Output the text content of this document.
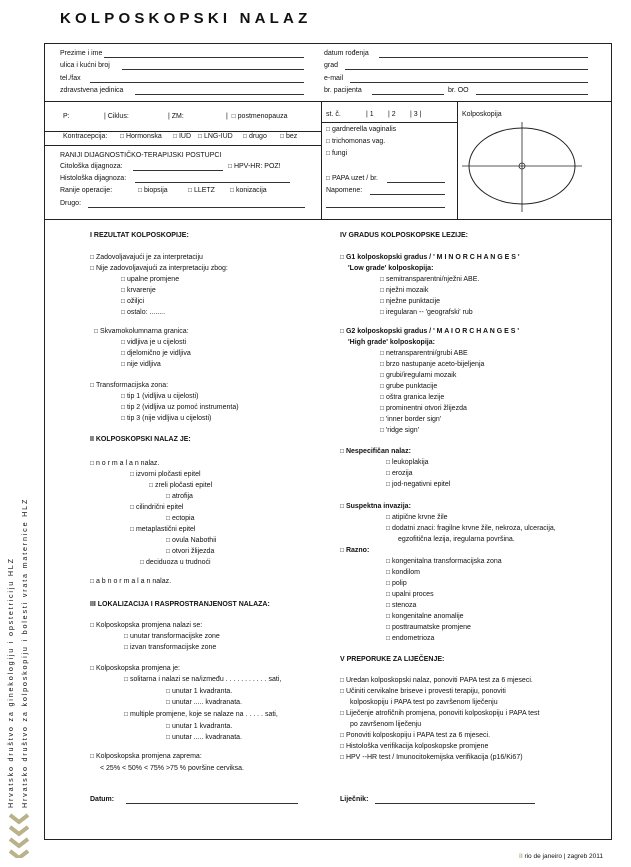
KOLPOSKOPSKI NALAZ
Prezime i ime
ulica i kućni broj
tel./fax
zdravstvena jedinica
datum rođenja
grad
e-mail
br. pacijenta	br. OO
P:	| Ciklus:	| ZM:	|  □ postmenopauza
Kontracepcija:	□ Hormonska	□ IUD	□ LNG-IUD	□ drugo	□ bez
RANIJI DIJAGNOSTIČKO-TERAPIJSKI POSTUPCI
Citološka dijagnoza:	□ HPV-HR: POZ!
Histološka dijagnoza:
Ranije operacije:	□ biopsija	□ LLETZ	□ konizacija
Drugo:
st. č.	| 1 | 2 | 3 |
□ gardnerella vaginalis
□ trichomonas vag.
□ fungi
□ PAPA uzet / br.
Napomene:
Kolposkopija
I REZULTAT KOLPOSKOPIJE:
□ Zadovoljavajući je za interpretaciju
□ Nije zadovoljavajući za interpretaciju zbog:
□ upalne promjene
□ krvarenje
□ ožiljci
□ ostalo: ........
□ Skvamokolumnarna granica:
□ vidljiva je u cijelosti
□ djelomično je vidljiva
□ nije vidljiva
□ Transformacijska zona:
□ tip 1 (vidljiva u cijelosti)
□ tip 2 (vidljiva uz pomoć instrumenta)
□ tip 3 (nije vidljiva u cijelosti)
II KOLPOSKOPSKI NALAZ JE:
□ n o r m a l a n nalaz.
□ izvorni pločasti epitel
□ zreli pločasti epitel
□ atrofija
□ cilindrični epitel
□ ectopia
□ metaplastični epitel
□ ovula Nabothii
□ otvori žlijezda
□ deciduoza u trudnoći
□ a b n o r m a l a n nalaz.
III LOKALIZACIJA I RASPROSTRANJENOST NALAZA:
□ Kolposkopska promjena nalazi se:
□ unutar transformacijske zone
□ izvan transformacijske zone
□ Kolposkopska promjena je:
□ solitarna i nalazi se na/između . . . . . . . . . . . sati,
□ unutar 1 kvadranta.
□ unutar ..... kvadranata.
□ multiple promjene, koje se nalaze na . . . . . sati,
□ unutar 1 kvadranta.
□ unutar ..... kvadranata.
□ Kolposkopska promjena zaprema:
< 25% < 50% < 75% >75 % površine cerviksa.
Datum:
IV GRADUS KOLPOSKOPSKE LEZIJE:
□ G1 kolposkopski gradus / ' M I N O R C H A N G E S '
'Low grade' kolposkopija:
□ semitransparentni/nježni ABE.
□ nježni mozaik
□ nježne punktacije
□ iregularan -- 'geografski' rub
□ G2 kolposkopski gradus / ' M A I O R C H A N G E S '
'High grade' kolposkopija:
□ netransparentni/grubi ABE
□ brzo nastupanje aceto-bijeljenja
□ grubi/iregularni mozaik
□ grube punktacije
□ oštra granica lezije
□ prominentni otvori žlijezda
□ 'inner border sign'
□ 'ridge sign'
□ Nespecifičan nalaz:
□ leukoplakija
□ erozija
□ jod-negativni epitel
□ Suspektna invazija:
□ atipične krvne žile
□ dodatni znaci: fragilne krvne žile, nekroza, ulceracija,
egzofitična lezija, iregularna površina.
□ Razno:
□ kongenitalna transformacijska zona
□ kondilom
□ polip
□ upalni proces
□ stenoza
□ kongenitalne anomalije
□ posttraumatske promjene
□ endometrioza
V PREPORUKE ZA LIJEČENJE:
□ Uredan kolposkopski nalaz, ponoviti PAPA test za 6 mjeseci.
□ Učiniti cervikalne briseve i provesti terapiju, ponoviti
kolposkopiju i PAPA test po završenom liječenju
□ Liječenje atrofičnih promjena, ponoviti kolposkopiju i PAPA test
po završenom liječenju
□ Ponoviti kolposkopiju i PAPA test za 6 mjeseci.
□ Histološka verifikacija kolposkopske promjene
□ HPV --HR test / Imunocitokemijska verifikacija (p16/Ki67)
Liječnik:
Hrvatsko društvo za ginekologiju i opstetriciju HLZ Hrvatsko društvo za kolposkopiju i bolesti vrata maternice HLZ
II rio de janeiro | zagreb 2011
